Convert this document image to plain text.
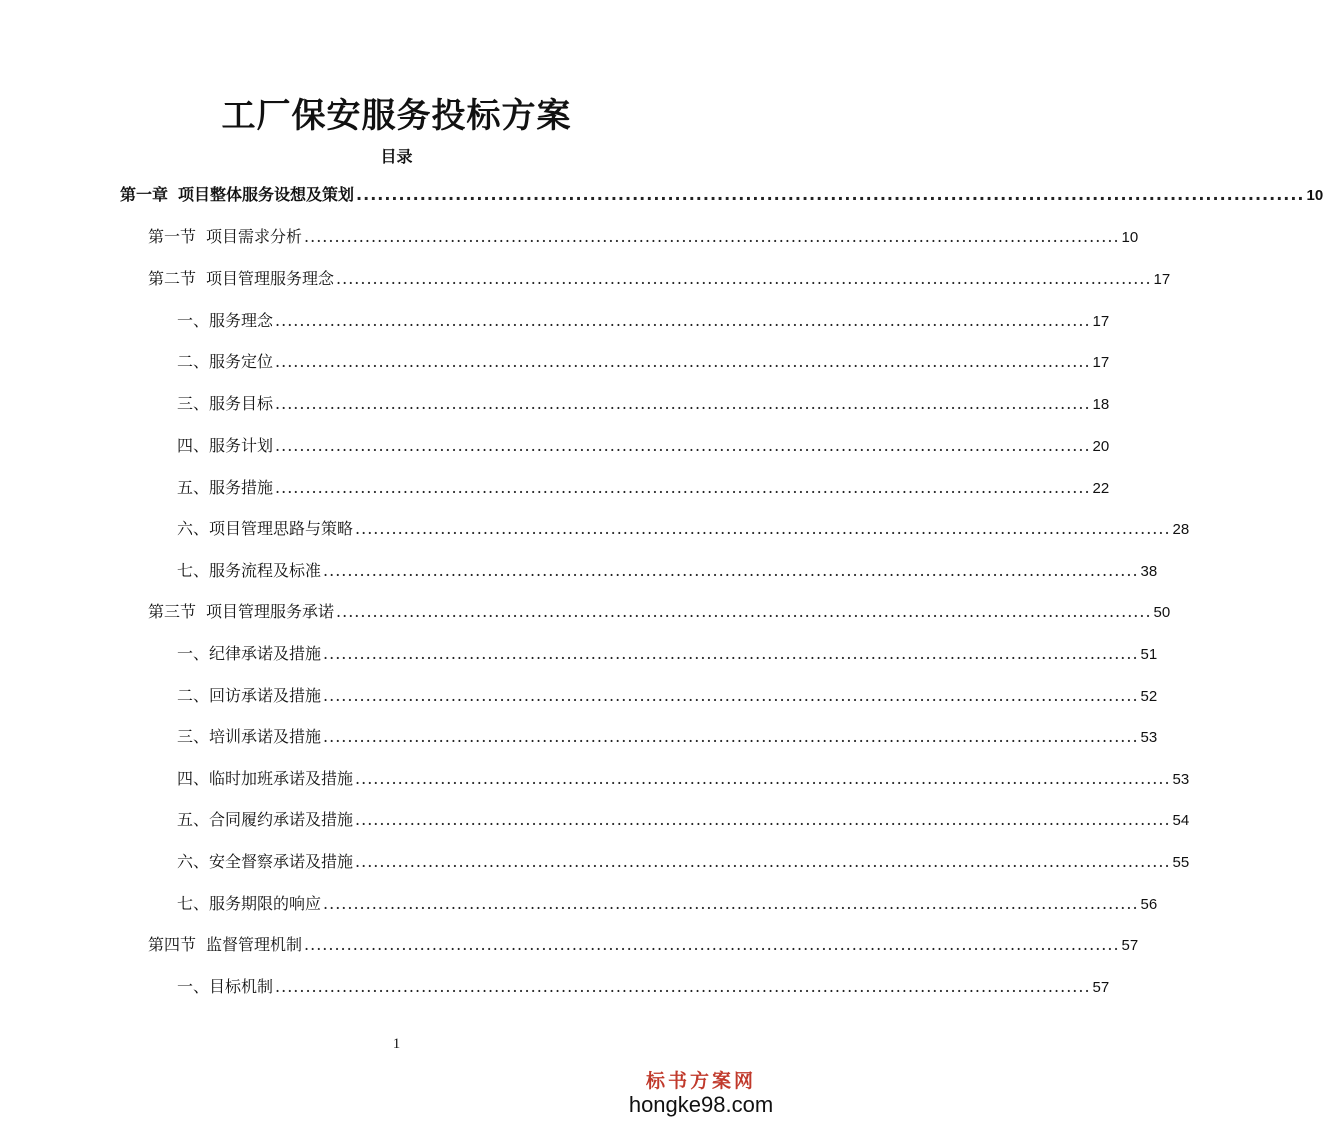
工厂保安服务投标方案
目录
第一章 项目整体服务设想及策划 ...................................................................................................................................... 10
第一节 项目需求分析 ...................................................................................................................................... 10
第二节 项目管理服务理念 ...................................................................................................................................... 17
一、服务理念 ...................................................................................................................................... 17
二、服务定位 ...................................................................................................................................... 17
三、服务目标 ...................................................................................................................................... 18
四、服务计划 ...................................................................................................................................... 20
五、服务措施 ...................................................................................................................................... 22
六、项目管理思路与策略 ...................................................................................................................................... 28
七、服务流程及标准 ...................................................................................................................................... 38
第三节 项目管理服务承诺 ...................................................................................................................................... 50
一、纪律承诺及措施 ...................................................................................................................................... 51
二、回访承诺及措施 ...................................................................................................................................... 52
三、培训承诺及措施 ...................................................................................................................................... 53
四、临时加班承诺及措施 ...................................................................................................................................... 53
五、合同履约承诺及措施 ...................................................................................................................................... 54
六、安全督察承诺及措施 ...................................................................................................................................... 55
七、服务期限的响应 ...................................................................................................................................... 56
第四节 监督管理机制 ...................................................................................................................................... 57
一、目标机制 ...................................................................................................................................... 57
1
标书方案网
hongke98.com
